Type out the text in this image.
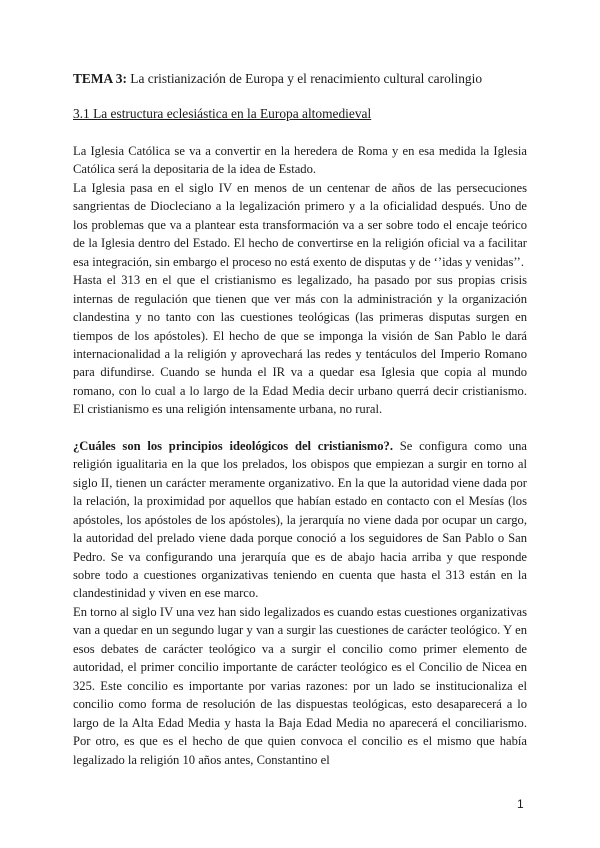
TEMA 3: La cristianización de Europa y el renacimiento cultural carolingio
3.1 La estructura eclesiástica en la Europa altomedieval

La Iglesia Católica se va a convertir en la heredera de Roma y en esa medida la Iglesia Católica será la depositaria de la idea de Estado.

La Iglesia pasa en el siglo IV en menos de un centenar de años de las persecuciones sangrientas de Diocleciano a la legalización primero y a la oficialidad después. Uno de los problemas que va a plantear esta transformación va a ser sobre todo el encaje teórico de la Iglesia dentro del Estado. El hecho de convertirse en la religión oficial va a facilitar esa integración, sin embargo el proceso no está exento de disputas y de ‘’idas y venidas’’.

Hasta el 313 en el que el cristianismo es legalizado, ha pasado por sus propias crisis internas de regulación que tienen que ver más con la administración y la organización clandestina y no tanto con las cuestiones teológicas (las primeras disputas surgen en tiempos de los apóstoles). El hecho de que se imponga la visión de San Pablo le dará internacionalidad a la religión y aprovechará las redes y tentáculos del Imperio Romano para difundirse. Cuando se hunda el IR va a quedar esa Iglesia que copia al mundo romano, con lo cual a lo largo de la Edad Media decir urbano querrá decir cristianismo. El cristianismo es una religión intensamente urbana, no rural.

¿Cuáles son los principios ideológicos del cristianismo?. Se configura como una religión igualitaria en la que los prelados, los obispos que empiezan a surgir en torno al siglo II, tienen un carácter meramente organizativo. En la que la autoridad viene dada por la relación, la proximidad por aquellos que habían estado en contacto con el Mesías (los apóstoles, los apóstoles de los apóstoles), la jerarquía no viene dada por ocupar un cargo, la autoridad del prelado viene dada porque conoció a los seguidores de San Pablo o San Pedro. Se va configurando una jerarquía que es de abajo hacia arriba y que responde sobre todo a cuestiones organizativas teniendo en cuenta que hasta el 313 están en la clandestinidad y viven en ese marco.

En torno al siglo IV una vez han sido legalizados es cuando estas cuestiones organizativas van a quedar en un segundo lugar y van a surgir las cuestiones de carácter teológico. Y en esos debates de carácter teológico va a surgir el concilio como primer elemento de autoridad, el primer concilio importante de carácter teológico es el Concilio de Nicea en 325. Este concilio es importante por varias razones: por un lado se institucionaliza el concilio como forma de resolución de las dispuestas teológicas, esto desaparecerá a lo largo de la Alta Edad Media y hasta la Baja Edad Media no aparecerá el conciliarismo. Por otro, es que es el hecho de que quien convoca el concilio es el mismo que había legalizado la religión 10 años antes, Constantino el

1
